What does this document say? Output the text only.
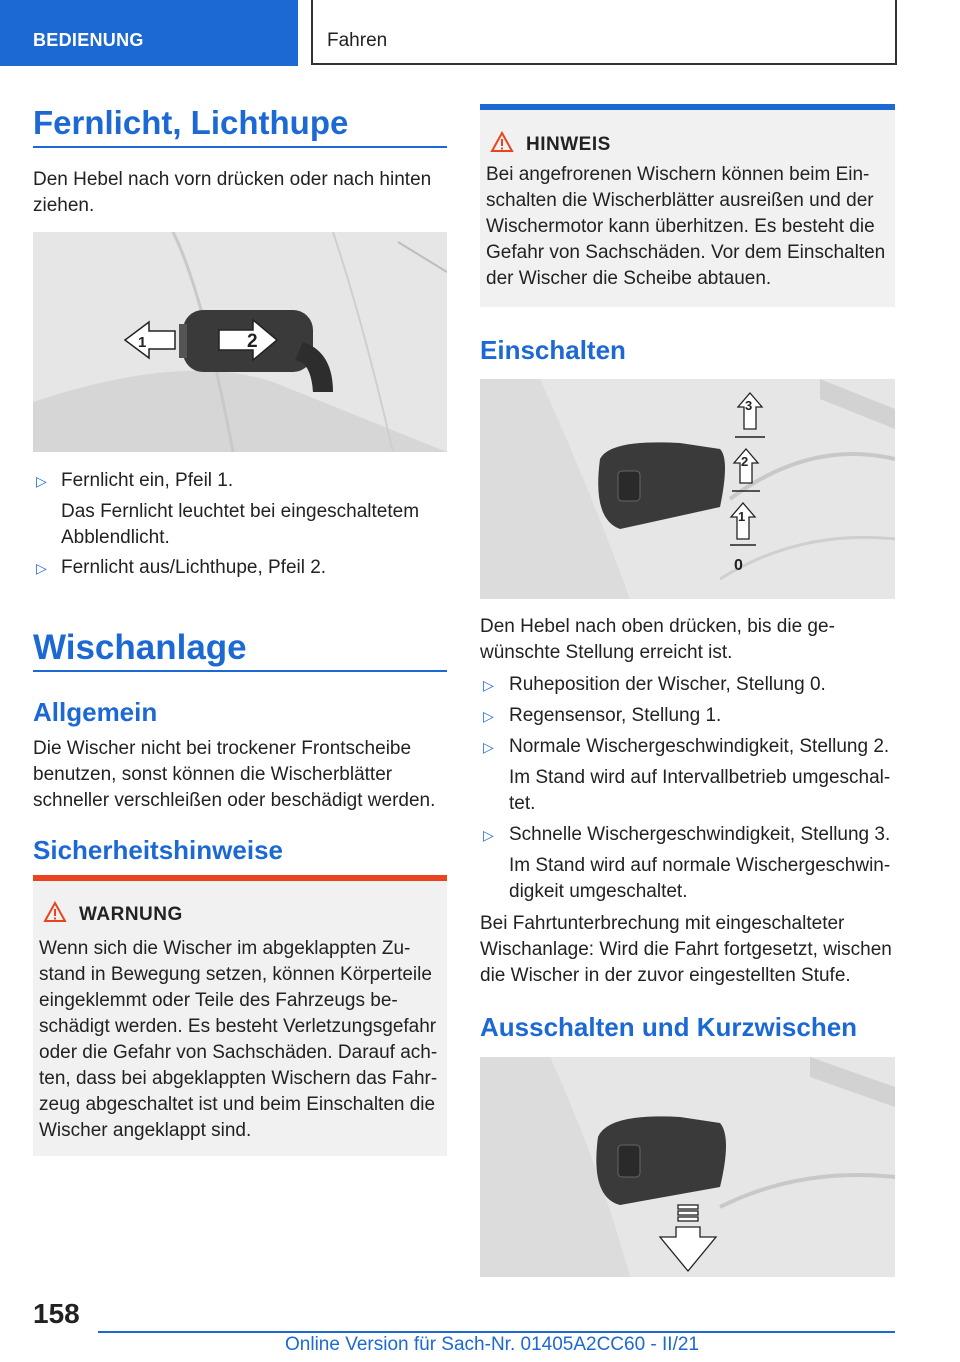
BEDIENUNG	Fahren
Fernlicht, Lichthupe
Den Hebel nach vorn drücken oder nach hinten
ziehen.
1	2
▷ Fernlicht ein, Pfeil 1.
Das Fernlicht leuchtet bei eingeschaltetem
Abblendlicht.
▷ Fernlicht aus/Lichthupe, Pfeil 2.
Wischanlage
Allgemein
Die Wischer nicht bei trockener Frontscheibe
benutzen, sonst können die Wischerblätter
schneller verschleißen oder beschädigt werden.
Sicherheitshinweise
WARNUNG
Wenn sich die Wischer im abgeklappten Zu-
stand in Bewegung setzen, können Körperteile
eingeklemmt oder Teile des Fahrzeugs be-
schädigt werden. Es besteht Verletzungsgefahr
oder die Gefahr von Sachschäden. Darauf ach-
ten, dass bei abgeklappten Wischern das Fahr-
zeug abgeschaltet ist und beim Einschalten die
Wischer angeklappt sind.
HINWEIS
Bei angefrorenen Wischern können beim Ein-
schalten die Wischerblätter ausreißen und der
Wischermotor kann überhitzen. Es besteht die
Gefahr von Sachschäden. Vor dem Einschalten
der Wischer die Scheibe abtauen.
Einschalten
3
2
1
0
Den Hebel nach oben drücken, bis die ge-
wünschte Stellung erreicht ist.
▷ Ruheposition der Wischer, Stellung 0.
▷ Regensensor, Stellung 1.
▷ Normale Wischergeschwindigkeit, Stellung 2.
Im Stand wird auf Intervallbetrieb umgeschal-
tet.
▷ Schnelle Wischergeschwindigkeit, Stellung 3.
Im Stand wird auf normale Wischergeschwin-
digkeit umgeschaltet.
Bei Fahrtunterbrechung mit eingeschalteter
Wischanlage: Wird die Fahrt fortgesetzt, wischen
die Wischer in der zuvor eingestellten Stufe.
Ausschalten und Kurzwischen
158
Online Version für Sach-Nr. 01405A2CC60 - II/21
